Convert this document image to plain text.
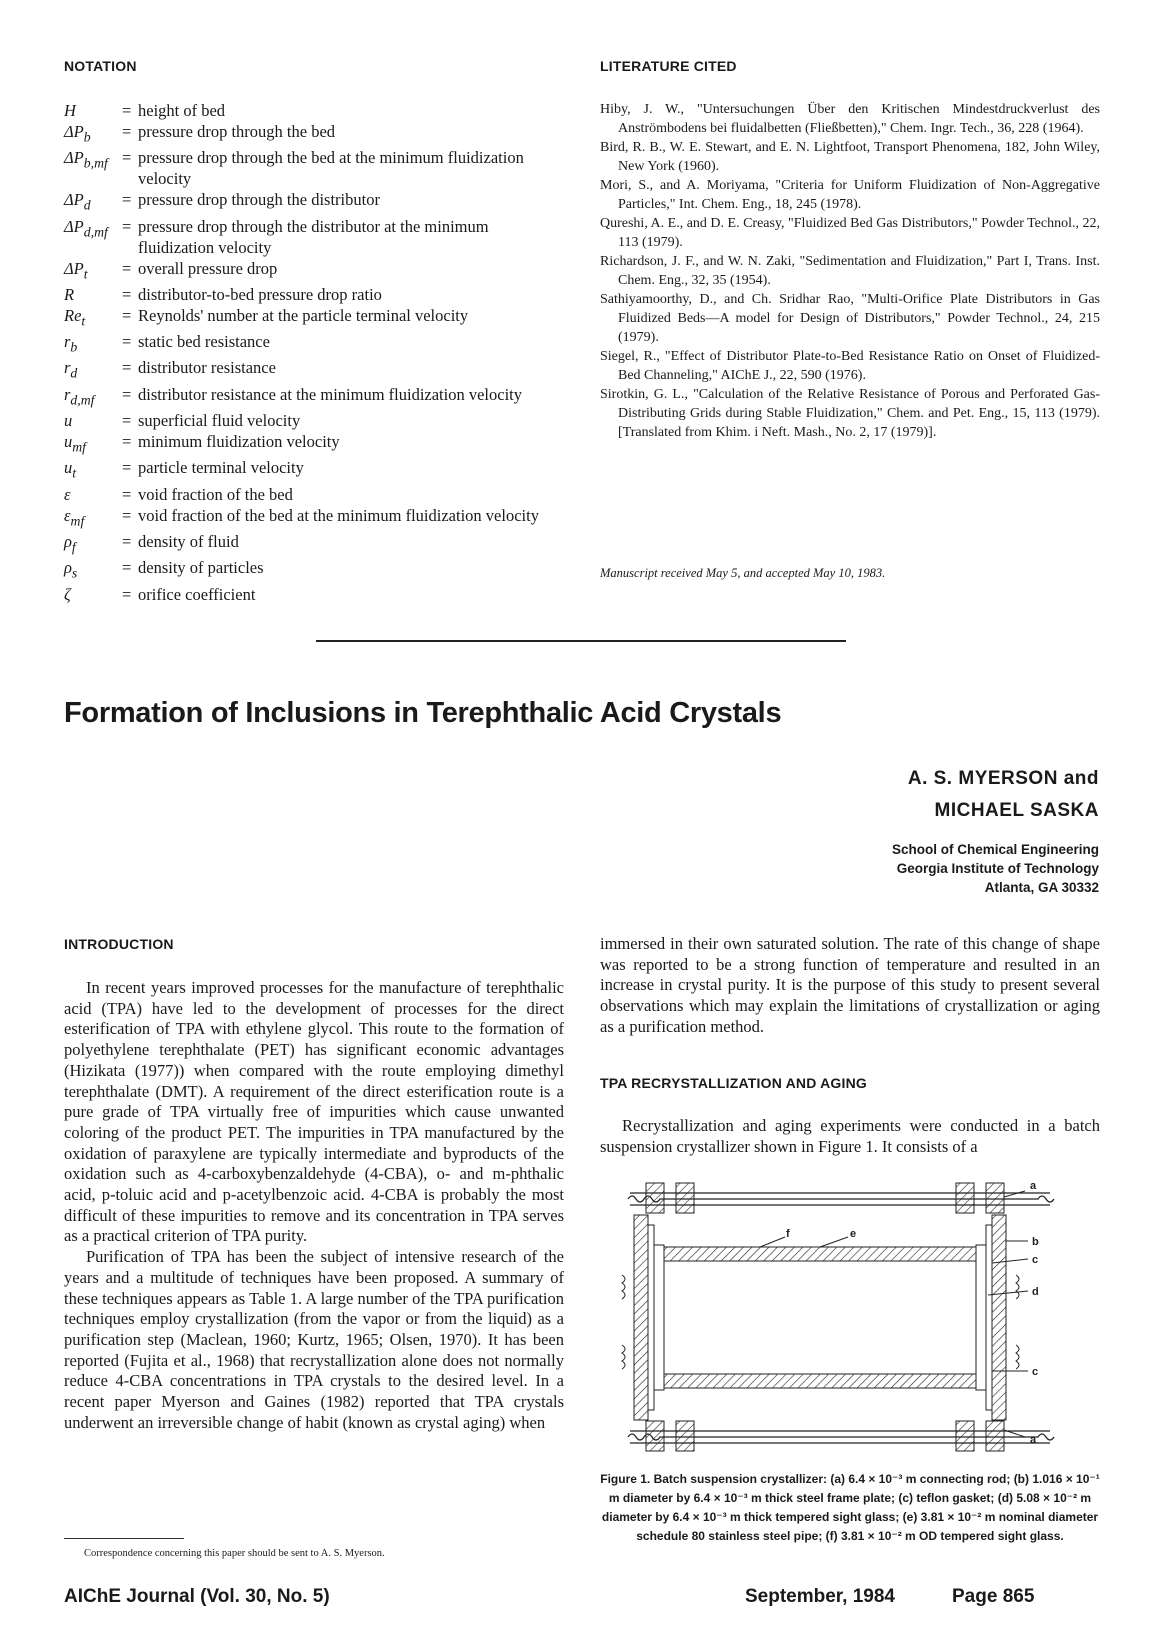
NOTATION
H	= height of bed
$\Delta P_b$	= pressure drop through the bed
$\Delta P_{b,mf}$ = pressure drop through the bed at the minimum fluidization velocity
$\Delta P_d$	= pressure drop through the distributor
$\Delta P_{d,mf}$ = pressure drop through the distributor at the minimum fluidization velocity
$\Delta P_t$	= overall pressure drop
R	= distributor-to-bed pressure drop ratio
$Re_t$	= Reynolds' number at the particle terminal velocity
$r_b$	= static bed resistance
$r_d$	= distributor resistance
$r_{d,mf}$	= distributor resistance at the minimum fluidization velocity
u	= superficial fluid velocity
$u_{mf}$	= minimum fluidization velocity
$u_t$	= particle terminal velocity
ε	= void fraction of the bed
$\varepsilon_{mf}$	= void fraction of the bed at the minimum fluidization velocity
$\rho_f$	= density of fluid
$\rho_s$	= density of particles
ζ	= orifice coefficient
LITERATURE CITED
Hiby, J. W., "Untersuchungen Über den Kritischen Mindestdruckverlust des Anströmbodens bei fluidalbetten (Fließbetten)," Chem. Ingr. Tech., 36, 228 (1964).
Bird, R. B., W. E. Stewart, and E. N. Lightfoot, Transport Phenomena, 182, John Wiley, New York (1960).
Mori, S., and A. Moriyama, "Criteria for Uniform Fluidization of Non-Aggregative Particles," Int. Chem. Eng., 18, 245 (1978).
Qureshi, A. E., and D. E. Creasy, "Fluidized Bed Gas Distributors," Powder Technol., 22, 113 (1979).
Richardson, J. F., and W. N. Zaki, "Sedimentation and Fluidization," Part I, Trans. Inst. Chem. Eng., 32, 35 (1954).
Sathiyamoorthy, D., and Ch. Sridhar Rao, "Multi-Orifice Plate Distributors in Gas Fluidized Beds—A model for Design of Distributors," Powder Technol., 24, 215 (1979).
Siegel, R., "Effect of Distributor Plate-to-Bed Resistance Ratio on Onset of Fluidized-Bed Channeling," AIChE J., 22, 590 (1976).
Sirotkin, G. L., "Calculation of the Relative Resistance of Porous and Perforated Gas-Distributing Grids during Stable Fluidization," Chem. and Pet. Eng., 15, 113 (1979). [Translated from Khim. i Neft. Mash., No. 2, 17 (1979)].
Manuscript received May 5, and accepted May 10, 1983.
Formation of Inclusions in Terephthalic Acid Crystals
A. S. MYERSON and
MICHAEL SASKA
School of Chemical Engineering
Georgia Institute of Technology
Atlanta, GA 30332
INTRODUCTION

In recent years improved processes for the manufacture of terephthalic acid (TPA) have led to the development of processes for the direct esterification of TPA with ethylene glycol. This route to the formation of polyethylene terephthalate (PET) has significant economic advantages (Hizikata (1977)) when compared with the route employing dimethyl terephthalate (DMT). A requirement of the direct esterification route is a pure grade of TPA virtually free of impurities which cause unwanted coloring of the product PET. The impurities in TPA manufactured by the oxidation of paraxylene are typically intermediate and byproducts of the oxidation such as 4-carboxybenzaldehyde (4-CBA), o- and m-phthalic acid, p-toluic acid and p-acetylbenzoic acid. 4-CBA is probably the most difficult of these impurities to remove and its concentration in TPA serves as a practical criterion of TPA purity.

Purification of TPA has been the subject of intensive research of the years and a multitude of techniques have been proposed. A summary of these techniques appears as Table 1. A large number of the TPA purification techniques employ crystallization (from the vapor or from the liquid) as a purification step (Maclean, 1960; Kurtz, 1965; Olsen, 1970). It has been reported (Fujita et al., 1968) that recrystallization alone does not normally reduce 4-CBA concentrations in TPA crystals to the desired level. In a recent paper Myerson and Gaines (1982) reported that TPA crystals underwent an irreversible change of habit (known as crystal aging) when

immersed in their own saturated solution. The rate of this change of shape was reported to be a strong function of temperature and resulted in an increase in crystal purity. It is the purpose of this study to present several observations which may explain the limitations of crystallization or aging as a purification method.

TPA RECRYSTALLIZATION AND AGING

Recrystallization and aging experiments were conducted in a batch suspension crystallizer shown in Figure 1. It consists of a

a
b
c
d
c
a
f	e
Figure 1. Batch suspension crystallizer: (a) 6.4 × 10⁻³ m connecting rod; (b) 1.016 × 10⁻¹ m diameter by 6.4 × 10⁻³ m thick steel frame plate; (c) teflon gasket; (d) 5.08 × 10⁻² m diameter by 6.4 × 10⁻³ m thick tempered sight glass; (e) 3.81 × 10⁻² m nominal diameter schedule 80 stainless steel pipe; (f) 3.81 × 10⁻² m OD tempered sight glass.
Correspondence concerning this paper should be sent to A. S. Myerson.
AIChE Journal (Vol. 30, No. 5)	September, 1984	Page 865
